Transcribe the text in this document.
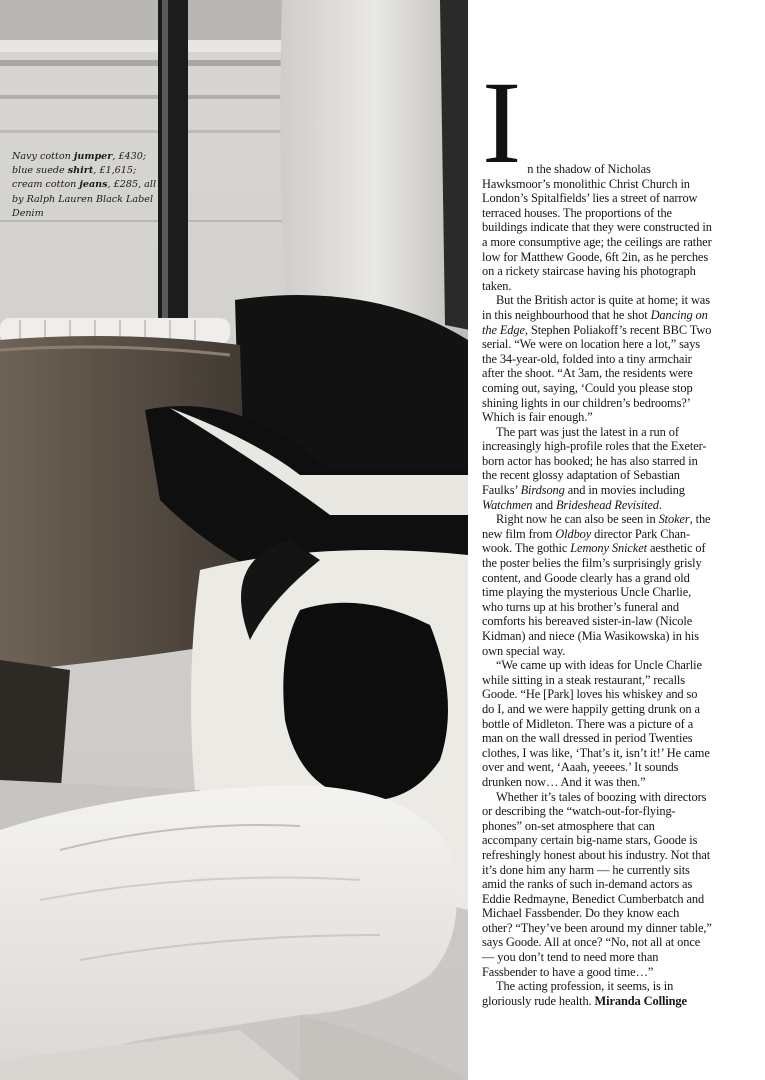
Navy cotton jumper, £430; blue suede shirt, £1,615; cream cotton jeans, £285, all by Ralph Lauren Black Label Denim
I n the shadow of Nicholas Hawksmoor’s monolithic Christ Church in London’s Spitalfields’ lies a street of narrow terraced houses. The proportions of the buildings indicate that they were constructed in a more consumptive age; the ceilings are rather low for Matthew Goode, 6ft 2in, as he perches on a rickety staircase having his photograph taken.

But the British actor is quite at home; it was in this neighbourhood that he shot Dancing on the Edge, Stephen Poliakoff’s recent BBC Two serial. “We were on location here a lot,” says the 34-year-old, folded into a tiny armchair after the shoot. “At 3am, the residents were coming out, saying, ‘Could you please stop shining lights in our children’s bedrooms?’ Which is fair enough.”

The part was just the latest in a run of increasingly high-profile roles that the Exeter-born actor has booked; he has also starred in the recent glossy adaptation of Sebastian Faulks’ Birdsong and in movies including Watchmen and Brideshead Revisited.

Right now he can also be seen in Stoker, the new film from Oldboy director Park Chan-wook. The gothic Lemony Snicket aesthetic of the poster belies the film’s surprisingly grisly content, and Goode clearly has a grand old time playing the mysterious Uncle Charlie, who turns up at his brother’s funeral and comforts his bereaved sister-in-law (Nicole Kidman) and niece (Mia Wasikowska) in his own special way.

“We came up with ideas for Uncle Charlie while sitting in a steak restaurant,” recalls Goode. “He [Park] loves his whiskey and so do I, and we were happily getting drunk on a bottle of Midleton. There was a picture of a man on the wall dressed in period Twenties clothes, I was like, ‘That’s it, isn’t it!’ He came over and went, ‘Aaah, yeeees.’ It sounds drunken now… And it was then.”

Whether it’s tales of boozing with directors or describing the “watch-out-for-flying-phones” on-set atmosphere that can accompany certain big-name stars, Goode is refreshingly honest about his industry. Not that it’s done him any harm — he currently sits amid the ranks of such in-demand actors as Eddie Redmayne, Benedict Cumberbatch and Michael Fassbender. Do they know each other? “They’ve been around my dinner table,” says Goode. All at once? “No, not all at once — you don’t tend to need more than Fassbender to have a good time…”

The acting profession, it seems, is in gloriously rude health. Miranda Collinge
